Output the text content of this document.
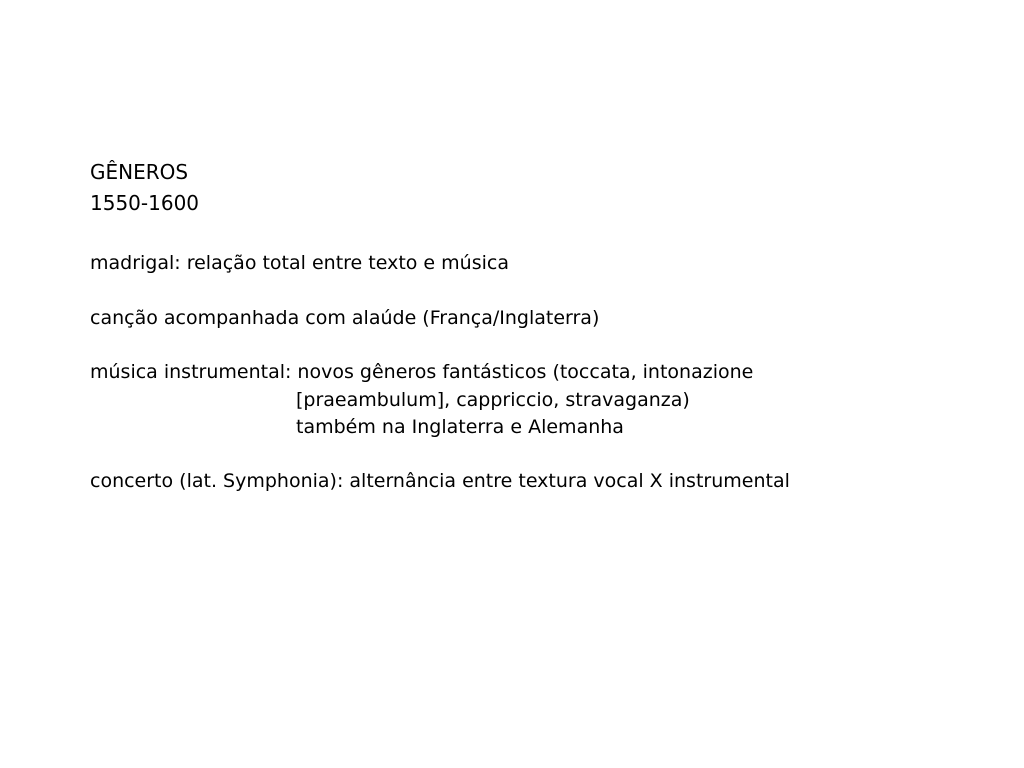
GÊNEROS
1550-1600
madrigal: relação total entre texto e música
canção acompanhada com alaúde (França/Inglaterra)
música instrumental: novos gêneros fantásticos (toccata, intonazione
[praeambulum], cappriccio, stravaganza)
também na Inglaterra e Alemanha
concerto (lat. Symphonia): alternância entre textura vocal X instrumental
